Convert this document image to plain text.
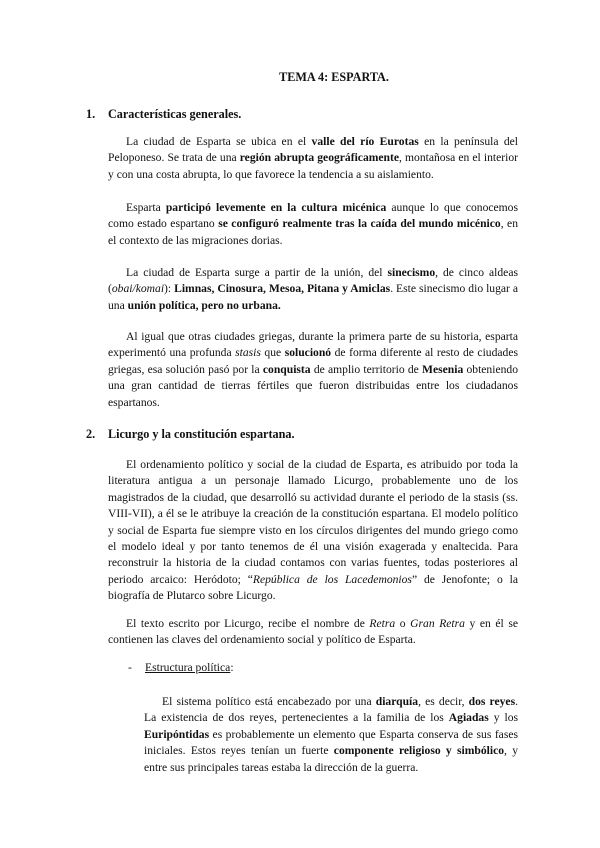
TEMA 4: ESPARTA.
1. Características generales.

La ciudad de Esparta se ubica en el valle del río Eurotas en la península del Peloponeso. Se trata de una región abrupta geográficamente, montañosa en el interior y con una costa abrupta, lo que favorece la tendencia a su aislamiento.

Esparta participó levemente en la cultura micénica aunque lo que conocemos como estado espartano se configuró realmente tras la caída del mundo micénico, en el contexto de las migraciones dorias.

La ciudad de Esparta surge a partir de la unión, del sinecismo, de cinco aldeas (obai/komai): Limnas, Cinosura, Mesoa, Pitana y Amiclas. Este sinecismo dio lugar a una unión política, pero no urbana.

Al igual que otras ciudades griegas, durante la primera parte de su historia, esparta experimentó una profunda stasis que solucionó de forma diferente al resto de ciudades griegas, esa solución pasó por la conquista de amplio territorio de Mesenia obteniendo una gran cantidad de tierras fértiles que fueron distribuidas entre los ciudadanos espartanos.

2. Licurgo y la constitución espartana.

El ordenamiento político y social de la ciudad de Esparta, es atribuido por toda la literatura antigua a un personaje llamado Licurgo, probablemente uno de los magistrados de la ciudad, que desarrolló su actividad durante el periodo de la stasis (ss. VIII-VII), a él se le atribuye la creación de la constitución espartana. El modelo político y social de Esparta fue siempre visto en los círculos dirigentes del mundo griego como el modelo ideal y por tanto tenemos de él una visión exagerada y enaltecida. Para reconstruir la historia de la ciudad contamos con varias fuentes, todas posteriores al periodo arcaico: Heródoto; “República de los Lacedemonios” de Jenofonte; o la biografía de Plutarco sobre Licurgo.

El texto escrito por Licurgo, recibe el nombre de Retra o Gran Retra y en él se contienen las claves del ordenamiento social y político de Esparta.

- Estructura política:

El sistema político está encabezado por una diarquía, es decir, dos reyes. La existencia de dos reyes, pertenecientes a la familia de los Agiadas y los Euripóntidas es probablemente un elemento que Esparta conserva de sus fases iniciales. Estos reyes tenían un fuerte componente religioso y simbólico, y entre sus principales tareas estaba la dirección de la guerra.
